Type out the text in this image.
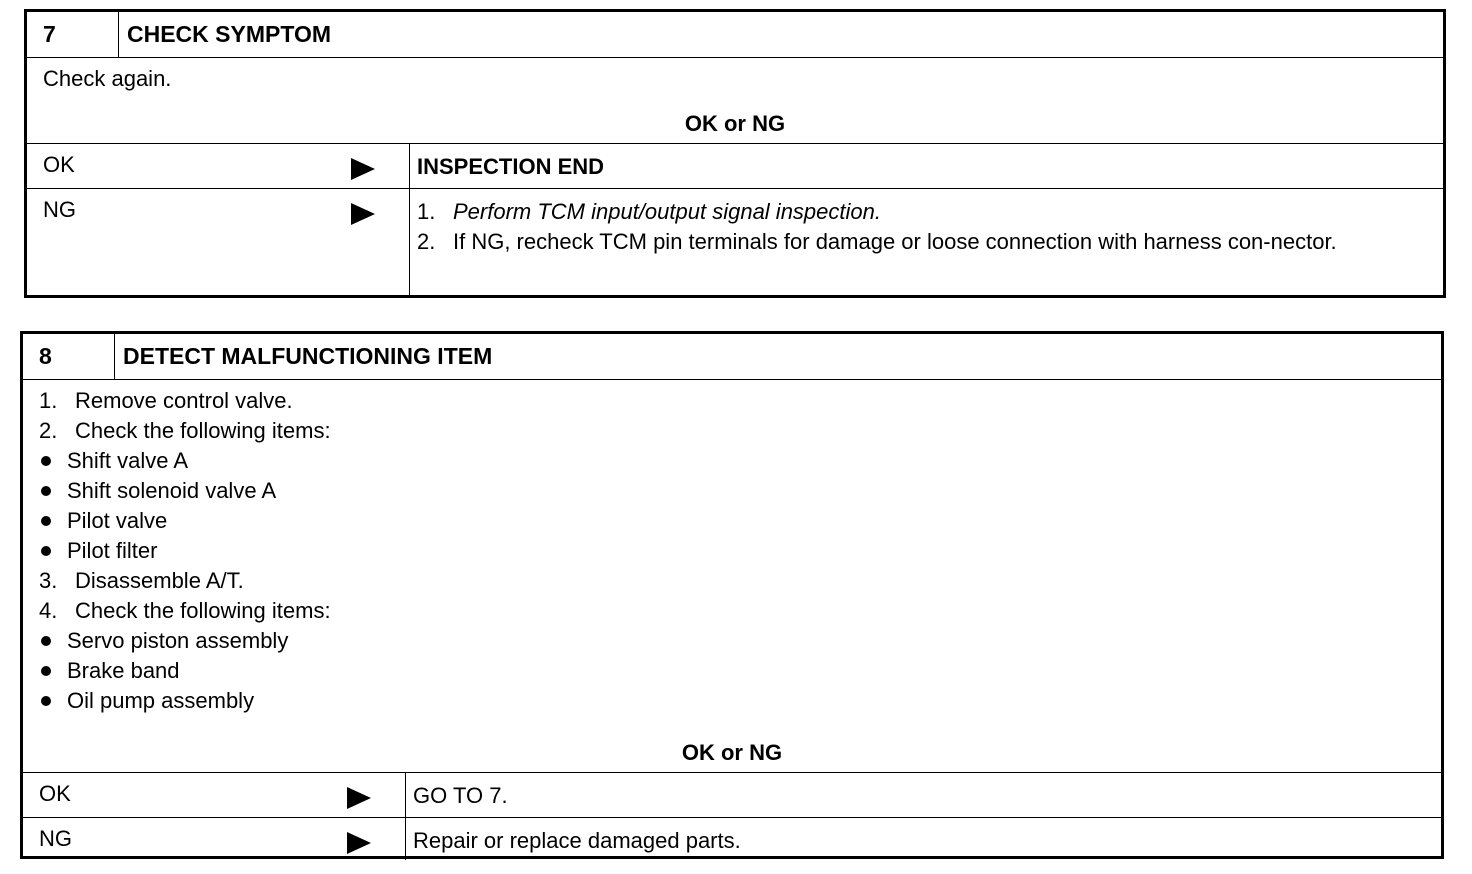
7	CHECK SYMPTOM
Check again.
OK or NG
OK	INSPECTION END
NG	1. Perform TCM input/output signal inspection.
2. If NG, recheck TCM pin terminals for damage or loose connection with harness con-nector.
8	DETECT MALFUNCTIONING ITEM
1. Remove control valve.
2. Check the following items:
Shift valve A
Shift solenoid valve A
Pilot valve
Pilot filter
3. Disassemble A/T.
4. Check the following items:
Servo piston assembly
Brake band
Oil pump assembly
OK or NG
OK	GO TO 7.
NG	Repair or replace damaged parts.
